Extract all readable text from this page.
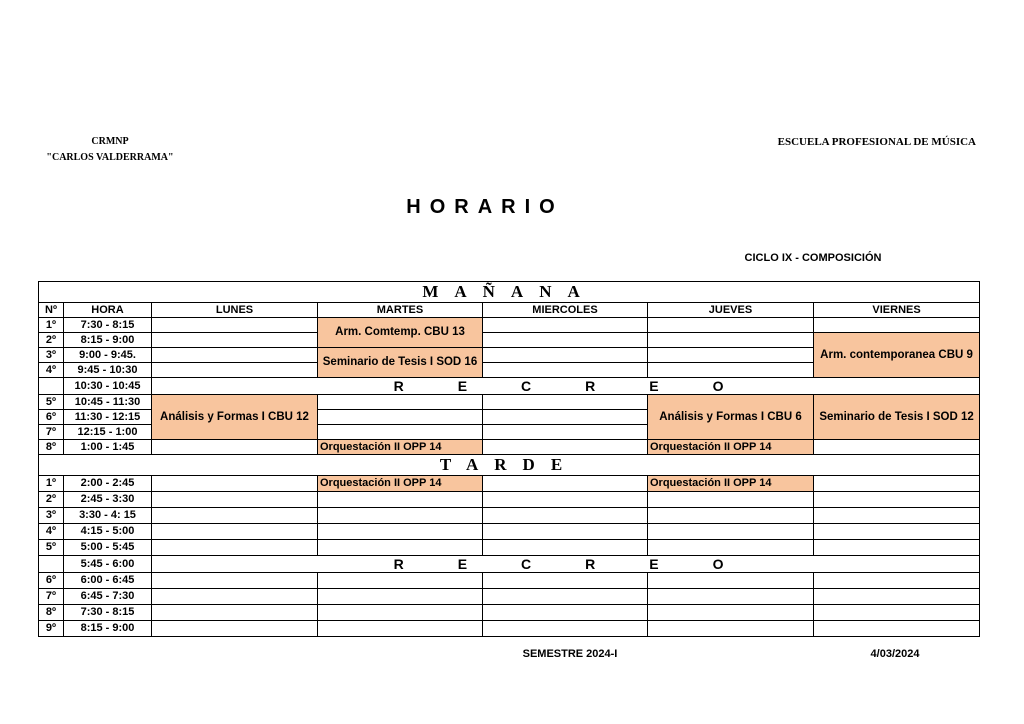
CRMNP
"CARLOS VALDERRAMA"
ESCUELA PROFESIONAL DE MÚSICA
HORARIO
CICLO IX - COMPOSICIÓN
MAÑANA						
Nº	HORA	LUNES	MARTES	MIERCOLES	JUEVES	VIERNES
1º	7:30 - 8:15		Arm. Comtemp. CBU 13			
2º	8:15 - 9:00					Arm. contemporanea CBU 9
3º	9:00 - 9:45.		Seminario de Tesis I SOD 16			
4º	9:45 - 10:30					
	10:30 - 10:45	RECREO				
5º	10:45 - 11:30	Análisis y Formas I CBU 12			Análisis y Formas I CBU 6	Seminario de Tesis I SOD 12
6º	11:30 - 12:15					
7º	12:15 - 1:00					
8º	1:00 - 1:45		Orquestación II OPP 14		Orquestación II OPP 14	
TARDE						
1º	2:00 - 2:45		Orquestación II OPP 14		Orquestación II OPP 14	
2º	2:45 - 3:30					
3º	3:30 - 4: 15					
4º	4:15 - 5:00					
5º	5:00 - 5:45					
	5:45 - 6:00	RECREO				
6º	6:00 - 6:45					
7º	6:45 - 7:30					
8º	7:30 - 8:15					
9º	8:15 - 9:00					
SEMESTRE 2024-I	4/03/2024
